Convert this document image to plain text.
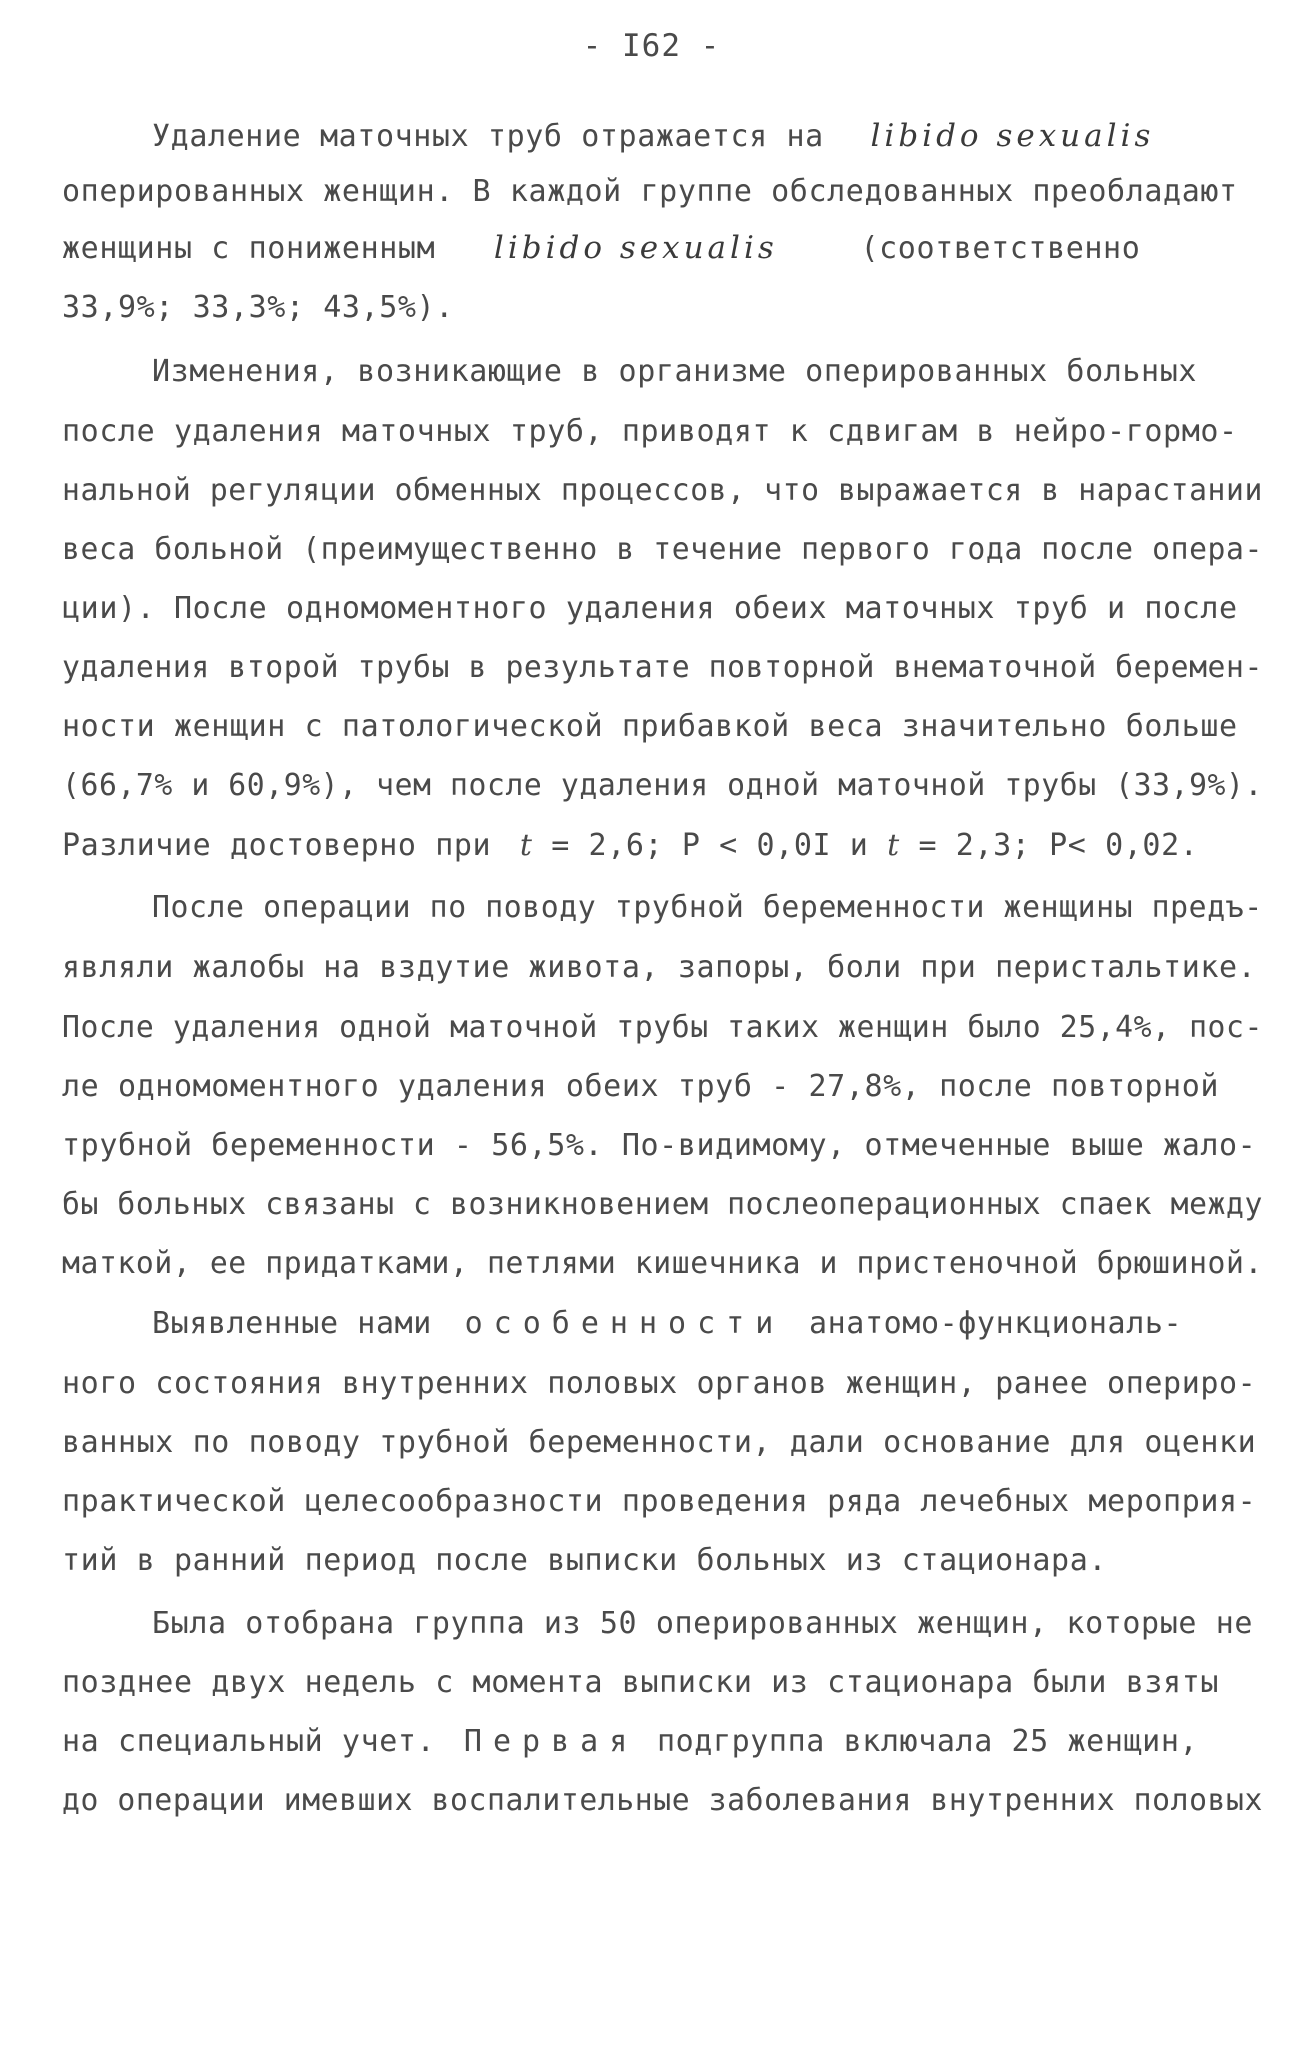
- I62 -
Удаление маточных труб отражается на libido sexualis
оперированных женщин. В каждой группе обследованных преобладают
женщины с пониженным libido sexualis	(соответственно
33,9%; 33,3%; 43,5%).
Изменения, возникающие в организме оперированных больных
после удаления маточных труб, приводят к сдвигам в нейро-гормо-
нальной регуляции обменных процессов, что выражается в нарастании
веса больной (преимущественно в течение первого года после опера-
ции). После одномоментного удаления обеих маточных труб и после
удаления второй трубы в результате повторной внематочной беремен-
ности женщин с патологической прибавкой веса значительно больше
(66,7% и 60,9%), чем после удаления одной маточной трубы (33,9%).
Различие достоверно при t = 2,6; P < 0,0I и t = 2,3; P< 0,02.
После операции по поводу трубной беременности женщины предъ-
являли жалобы на вздутие живота, запоры, боли при перистальтике.
После удаления одной маточной трубы таких женщин было 25,4%, пос-
ле одномоментного удаления обеих труб - 27,8%, после повторной
трубной беременности - 56,5%. По-видимому, отмеченные выше жало-
бы больных связаны с возникновением послеоперационных спаек между
маткой, ее придатками, петлями кишечника и пристеночной брюшиной.
Выявленные нами особенности анатомо-функциональ-
ного состояния внутренних половых органов женщин, ранее опериро-
ванных по поводу трубной беременности, дали основание для оценки
практической целесообразности проведения ряда лечебных мероприя-
тий в ранний период после выписки больных из стационара.
Была отобрана группа из 50 оперированных женщин, которые не
позднее двух недель с момента выписки из стационара были взяты
на специальный учет. Первая подгруппа включала 25 женщин,
до операции имевших воспалительные заболевания внутренних половых
